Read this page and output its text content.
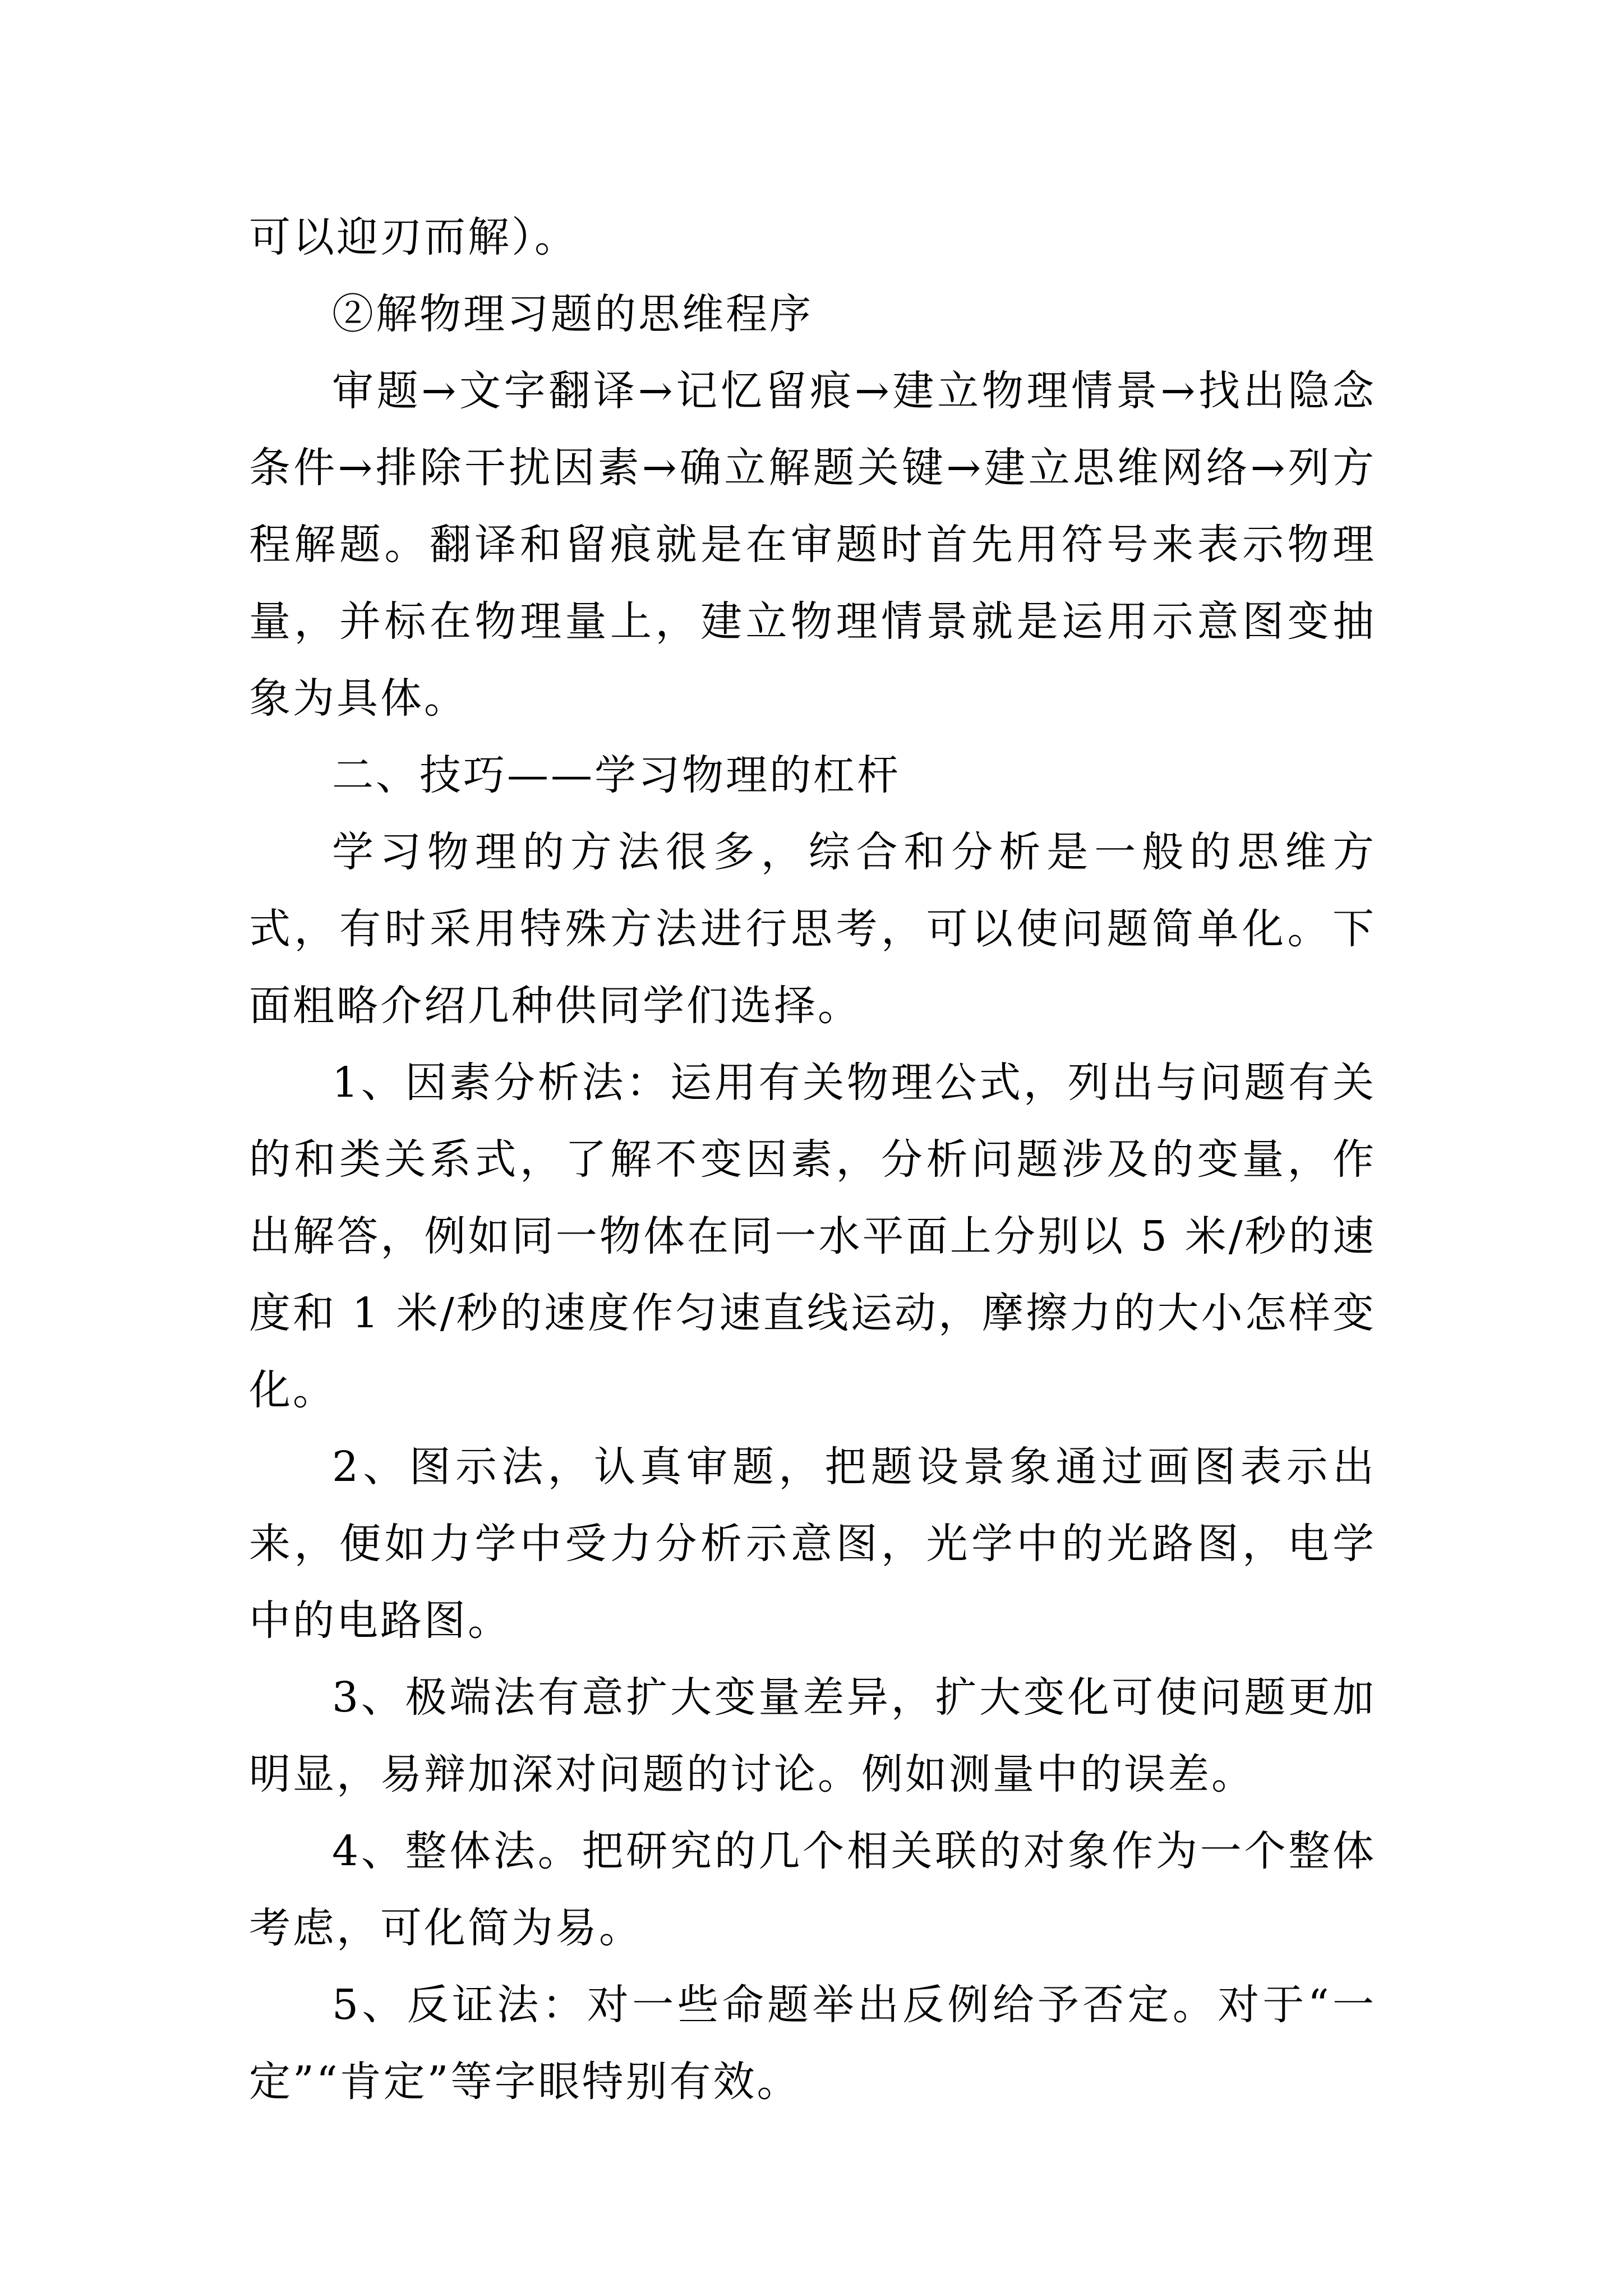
可以迎刃而解）。

②解物理习题的思维程序

审题→文字翻译→记忆留痕→建立物理情景→找出隐念条件→排除干扰因素→确立解题关键→建立思维网络→列方程解题。翻译和留痕就是在审题时首先用符号来表示物理量，并标在物理量上，建立物理情景就是运用示意图变抽象为具体。

二、技巧——学习物理的杠杆

学习物理的方法很多，综合和分析是一般的思维方式，有时采用特殊方法进行思考，可以使问题简单化。下面粗略介绍几种供同学们选择。

1、因素分析法：运用有关物理公式，列出与问题有关的和类关系式，了解不变因素，分析问题涉及的变量，作出解答，例如同一物体在同一水平面上分别以 5 米/秒的速度和 1 米/秒的速度作匀速直线运动，摩擦力的大小怎样变化。

2、图示法，认真审题，把题设景象通过画图表示出来，便如力学中受力分析示意图，光学中的光路图，电学中的电路图。

3、极端法有意扩大变量差异，扩大变化可使问题更加明显，易辩加深对问题的讨论。例如测量中的误差。

4、整体法。把研究的几个相关联的对象作为一个整体考虑，可化简为易。

5、反证法：对一些命题举出反例给予否定。对于“一定”“肯定”等字眼特别有效。
